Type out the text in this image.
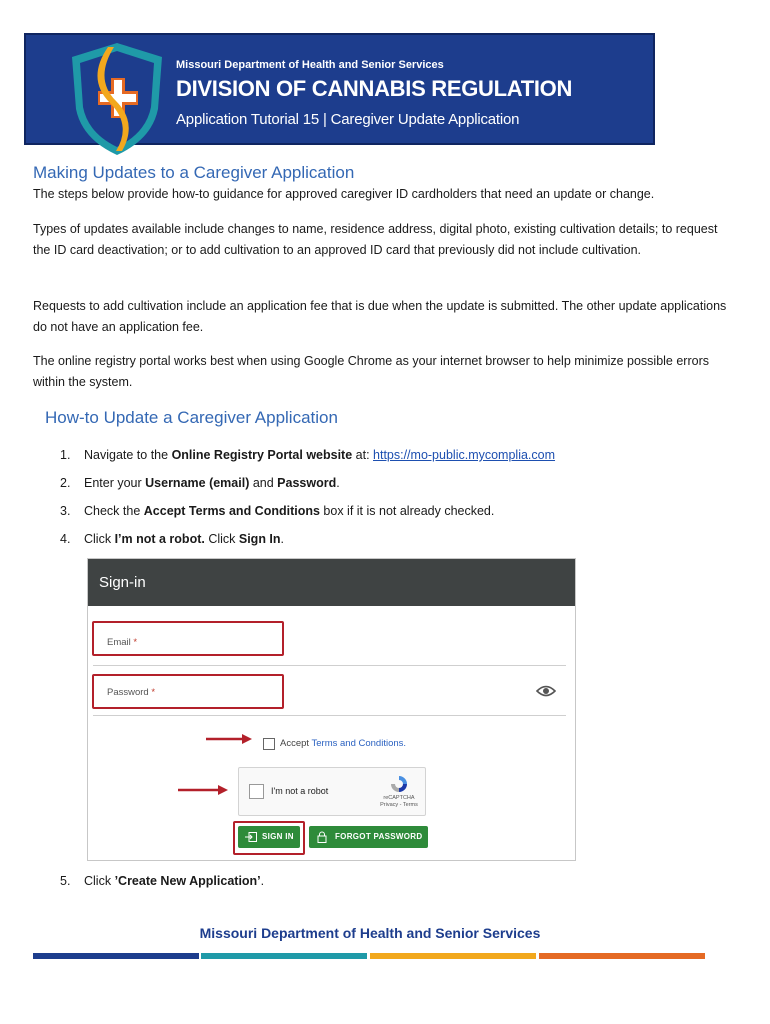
Missouri Department of Health and Senior Services
DIVISION OF CANNABIS REGULATION
Application Tutorial 15 | Caregiver Update Application
Making Updates to a Caregiver Application

The steps below provide how-to guidance for approved caregiver ID cardholders that need an update or change.

Types of updates available include changes to name, residence address, digital photo, existing cultivation details; to request the ID card deactivation; or to add cultivation to an approved ID card that previously did not include cultivation.

Requests to add cultivation include an application fee that is due when the update is submitted. The other update applications do not have an application fee.

The online registry portal works best when using Google Chrome as your internet browser to help minimize possible errors within the system.

How-to Update a Caregiver Application
1. Navigate to the Online Registry Portal website at: https://mo-public.mycomplia.com
2. Enter your Username (email) and Password.
3. Check the Accept Terms and Conditions box if it is not already checked.
4. Click I’m not a robot. Click Sign In.
Sign-in
Email *
Password *
Accept Terms and Conditions.
I'm not a robot
reCAPTCHA
Privacy - Terms
SIGN IN	FORGOT PASSWORD
5. Click ’Create New Application’.
Missouri Department of Health and Senior Services
